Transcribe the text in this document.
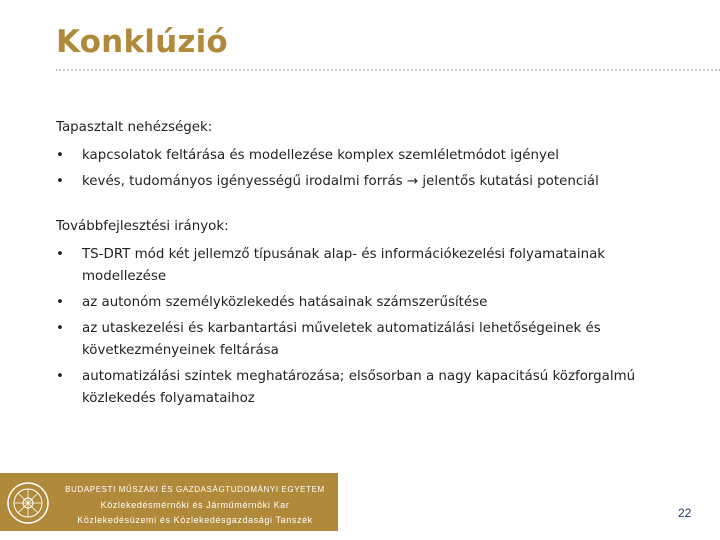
Konklúzió
Tapasztalt nehézségek:
• kapcsolatok feltárása és modellezése komplex szemléletmódot igényel
• kevés, tudományos igényességű irodalmi forrás → jelentős kutatási potenciál
Továbbfejlesztési irányok:
• TS-DRT mód két jellemző típusának alap- és információkezelési folyamatainak modellezése
• az autonóm személyközlekedés hatásainak számszerűsítése
• az utaskezelési és karbantartási műveletek automatizálási lehetőségeinek és következményeinek feltárása
• automatizálási szintek meghatározása; elsősorban a nagy kapacitású közforgalmú közlekedés folyamataihoz
BUDAPESTI MŰSZAKI ÉS GAZDASÁGTUDOMÁNYI EGYETEM
Közlekedésmérnöki és Járműmérnöki Kar
Közlekedésüzemi és Közlekedésgazdasági Tanszék	22
